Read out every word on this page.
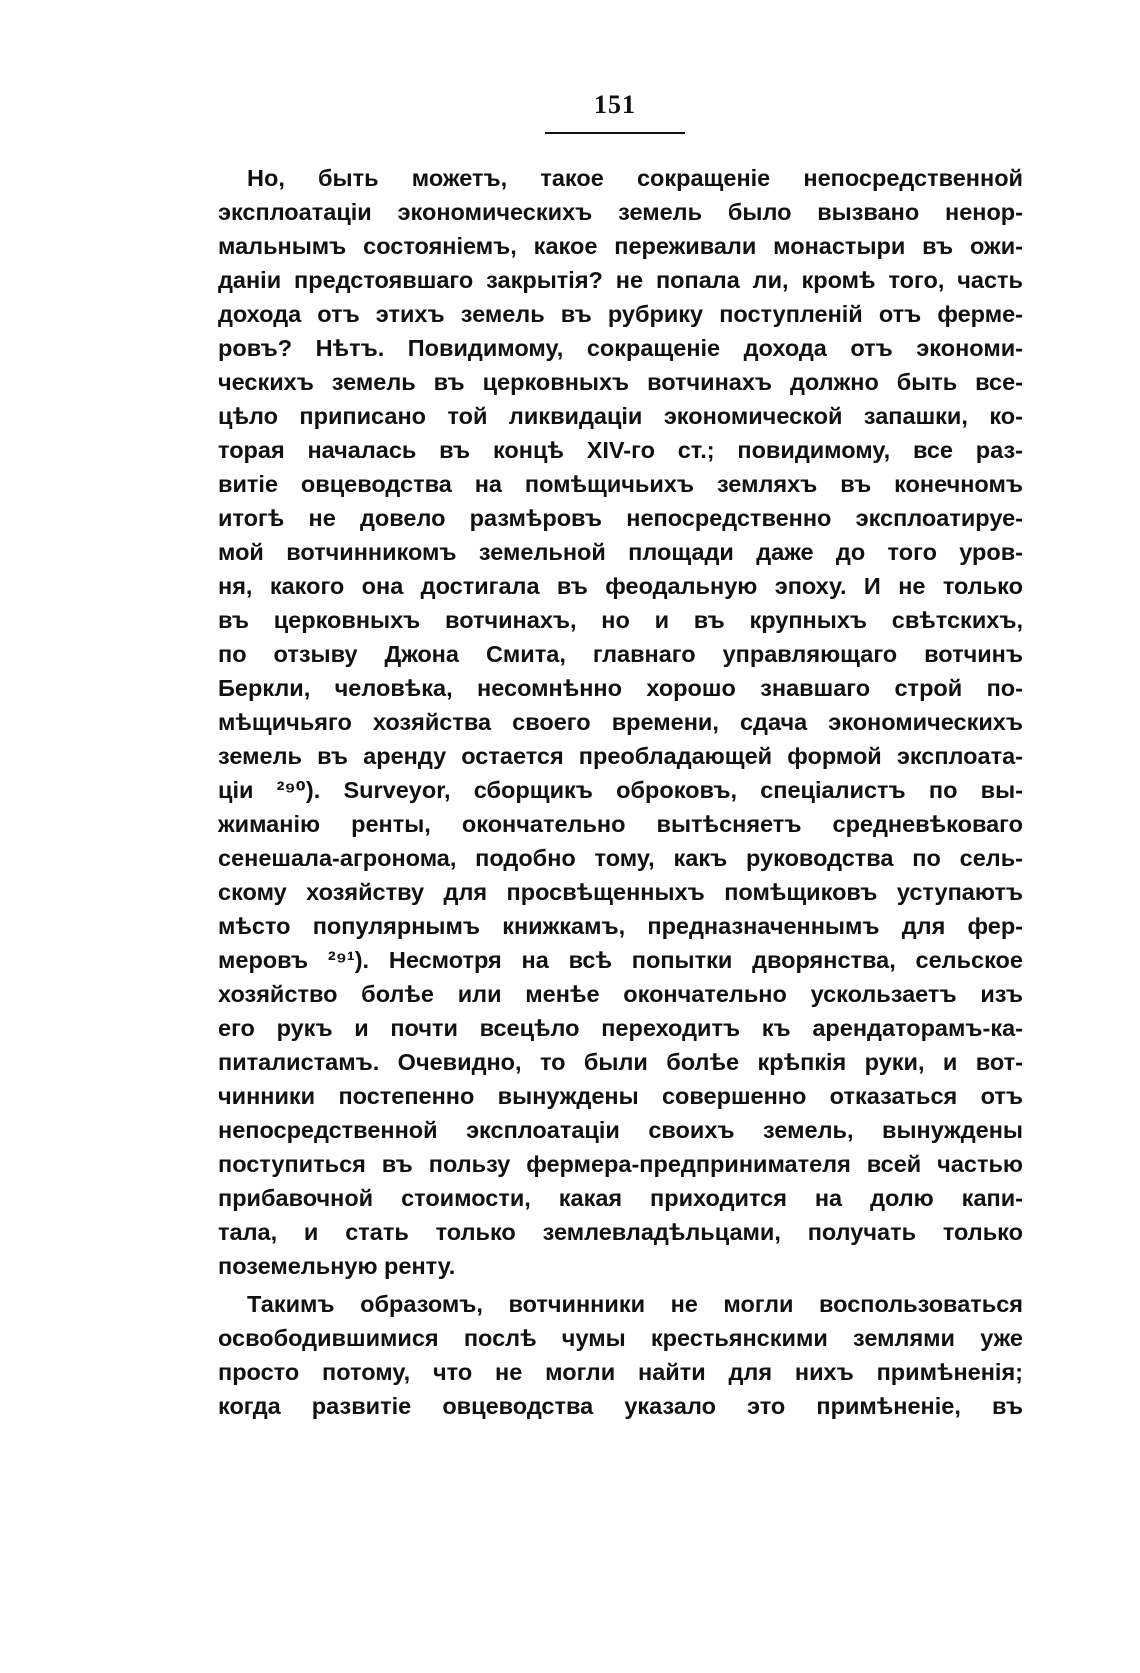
151
Но, быть можетъ, такое сокращенiе непосредственной
эксплоатацiи экономическихъ земель было вызвано ненор-
мальнымъ состоянiемъ, какое переживали монастыри въ ожи-
данiи предстоявшаго закрытiя? не попала ли, кромѣ того, часть
дохода отъ этихъ земель въ рубрику поступленiй отъ ферме-
ровъ? Нѣтъ. Повидимому, сокращенiе дохода отъ экономи-
ческихъ земель въ церковныхъ вотчинахъ должно быть все-
цѣло приписано той ликвидацiи экономической запашки, ко-
торая началась въ концѣ XIV-го ст.; повидимому, все раз-
витiе овцеводства на помѣщичьихъ земляхъ въ конечномъ
итогѣ не довело размѣровъ непосредственно эксплоатируе-
мой вотчинникомъ земельной площади даже до того уров-
ня, какого она достигала въ феодальную эпоху. И не только
въ церковныхъ вотчинахъ, но и въ крупныхъ свѣтскихъ,
по отзыву Джона Смита, главнаго управляющаго вотчинъ
Беркли, человѣка, несомнѣнно хорошо знавшаго строй по-
мѣщичьяго хозяйства своего времени, сдача экономическихъ
земель въ аренду остается преобладающей формой эксплоата-
цiи ²⁹⁰). Surveyor, сборщикъ оброковъ, спецiалистъ по вы-
жиманiю ренты, окончательно вытѣсняетъ средневѣковаго
сенешала-агронома, подобно тому, какъ руководства по сель-
скому хозяйству для просвѣщенныхъ помѣщиковъ уступаютъ
мѣсто популярнымъ книжкамъ, предназначеннымъ для фер-
меровъ ²⁹¹). Несмотря на всѣ попытки дворянства, сельское
хозяйство болѣе или менѣе окончательно ускользаетъ изъ
его рукъ и почти всецѣло переходитъ къ арендаторамъ-ка-
питалистамъ. Очевидно, то были болѣе крѣпкiя руки, и вот-
чинники постепенно вынуждены совершенно отказаться отъ
непосредственной эксплоатацiи своихъ земель, вынуждены
поступиться въ пользу фермера-предпринимателя всей частью
прибавочной стоимости, какая приходится на долю капи-
тала, и стать только землевладѣльцами, получать только
поземельную ренту.
Такимъ образомъ, вотчинники не могли воспользоваться
освободившимися послѣ чумы крестьянскими землями уже
просто потому, что не могли найти для нихъ примѣненiя;
когда развитiе овцеводства указало это примѣненiе, въ
